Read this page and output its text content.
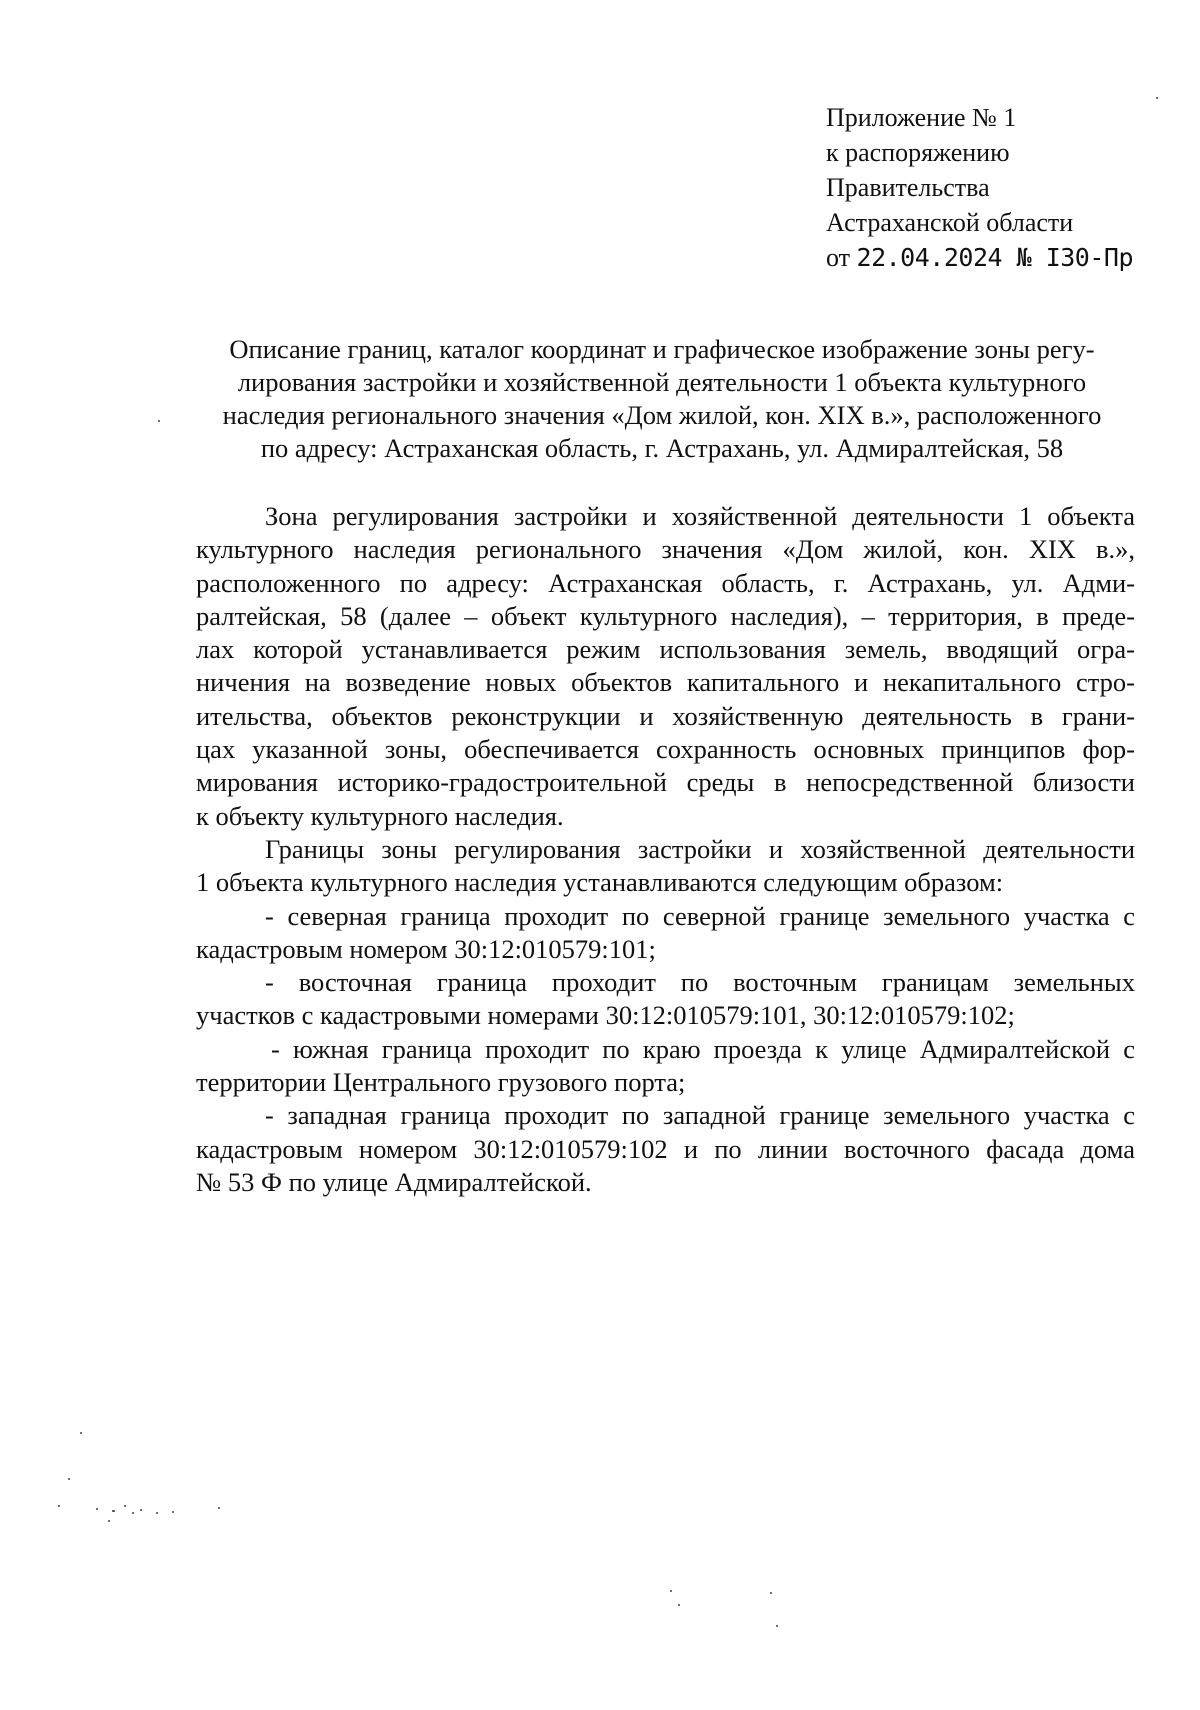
Приложение № 1
к распоряжению
Правительства
Астраханской области
от 22.04.2024 № I30-Пр
Описание границ, каталог координат и графическое изображение зоны регу-
лирования застройки и хозяйственной деятельности 1 объекта культурного
наследия регионального значения «Дом жилой, кон. XIX в.», расположенного
по адресу: Астраханская область, г. Астрахань, ул. Адмиралтейская, 58
Зона регулирования застройки и хозяйственной деятельности 1 объекта
культурного наследия регионального значения «Дом жилой, кон. XIX в.»,
расположенного по адресу: Астраханская область, г. Астрахань, ул. Адми-
ралтейская, 58 (далее – объект культурного наследия), – территория, в преде-
лах которой устанавливается режим использования земель, вводящий огра-
ничения на возведение новых объектов капитального и некапитального стро-
ительства, объектов реконструкции и хозяйственную деятельность в грани-
цах указанной зоны, обеспечивается сохранность основных принципов фор-
мирования историко-градостроительной среды в непосредственной близости
к объекту культурного наследия.
Границы зоны регулирования застройки и хозяйственной деятельности
1 объекта культурного наследия устанавливаются следующим образом:
- северная граница проходит по северной границе земельного участка с
кадастровым номером 30:12:010579:101;
- восточная граница проходит по восточным границам земельных
участков с кадастровыми номерами 30:12:010579:101, 30:12:010579:102;
- южная граница проходит по краю проезда к улице Адмиралтейской с
территории Центрального грузового порта;
- западная граница проходит по западной границе земельного участка с
кадастровым номером 30:12:010579:102 и по линии восточного фасада дома
№ 53 Ф по улице Адмиралтейской.
